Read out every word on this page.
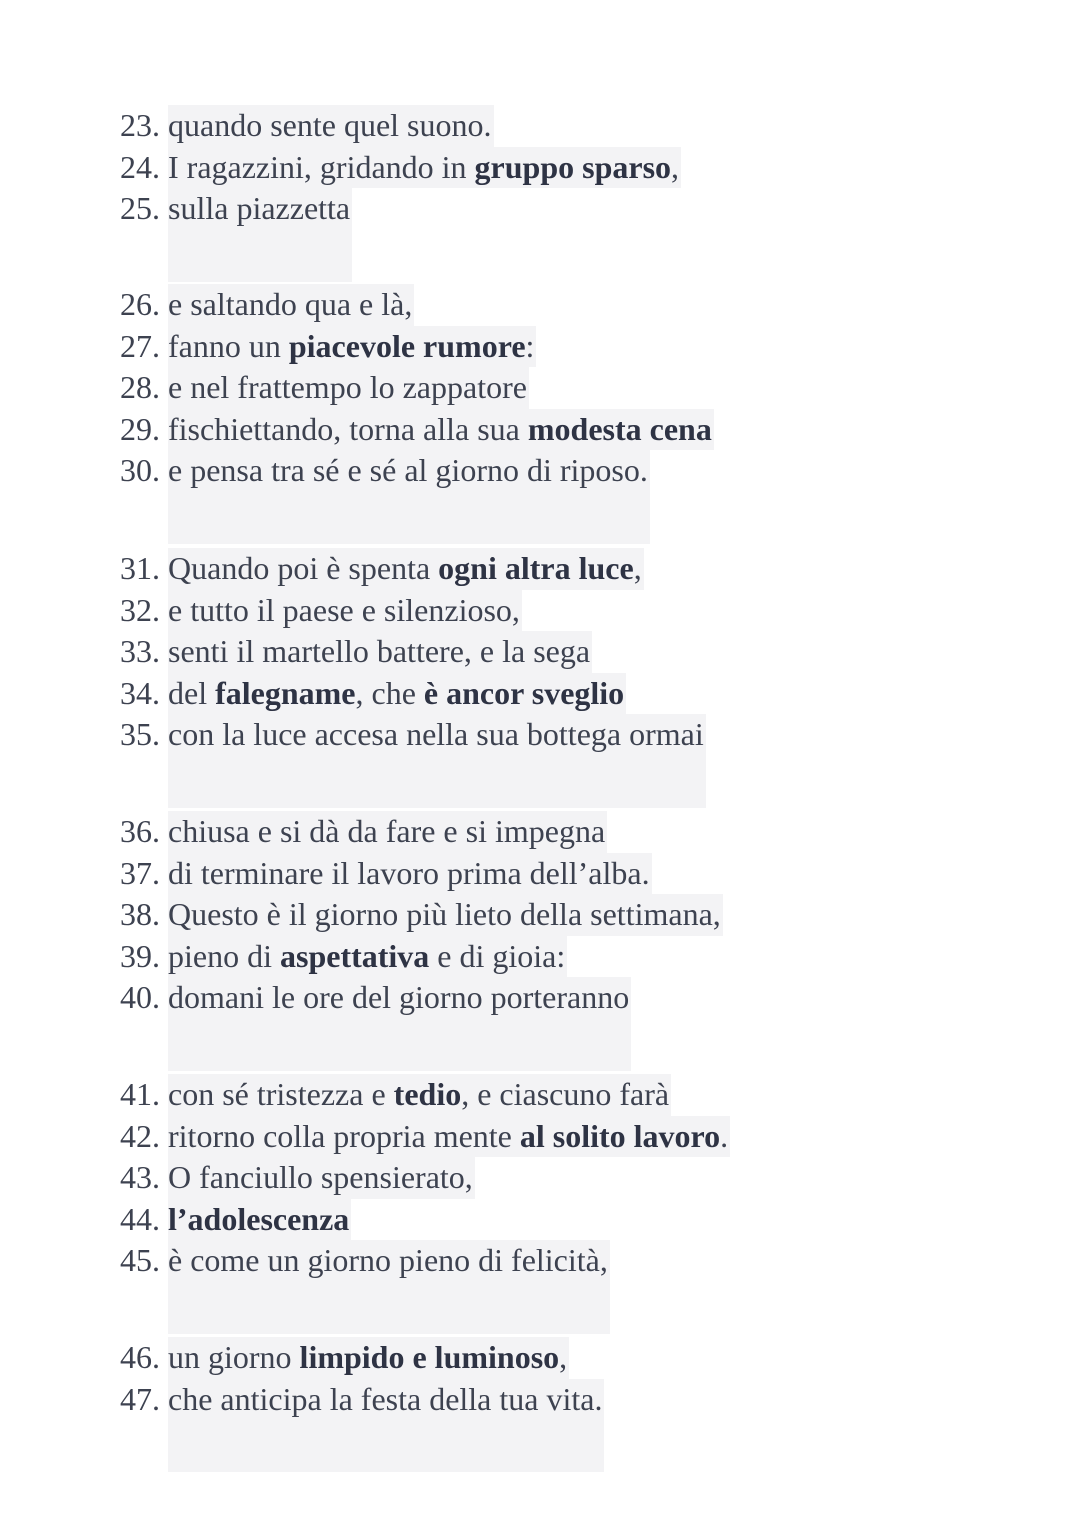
23. quando sente quel suono.
24. I ragazzini, gridando in gruppo sparso,
25. sulla piazzetta
26. e saltando qua e là,
27. fanno un piacevole rumore:
28. e nel frattempo lo zappatore
29. fischiettando, torna alla sua modesta cena
30. e pensa tra sé e sé al giorno di riposo.
31. Quando poi è spenta ogni altra luce,
32. e tutto il paese e silenzioso,
33. senti il martello battere, e la sega
34. del falegname, che è ancor sveglio
35. con la luce accesa nella sua bottega ormai
36. chiusa e si dà da fare e si impegna
37. di terminare il lavoro prima dell’alba.
38. Questo è il giorno più lieto della settimana,
39. pieno di aspettativa e di gioia:
40. domani le ore del giorno porteranno
41. con sé tristezza e tedio, e ciascuno farà
42. ritorno colla propria mente al solito lavoro.
43. O fanciullo spensierato,
44. l’adolescenza
45. è come un giorno pieno di felicità,
46. un giorno limpido e luminoso,
47. che anticipa la festa della tua vita.
